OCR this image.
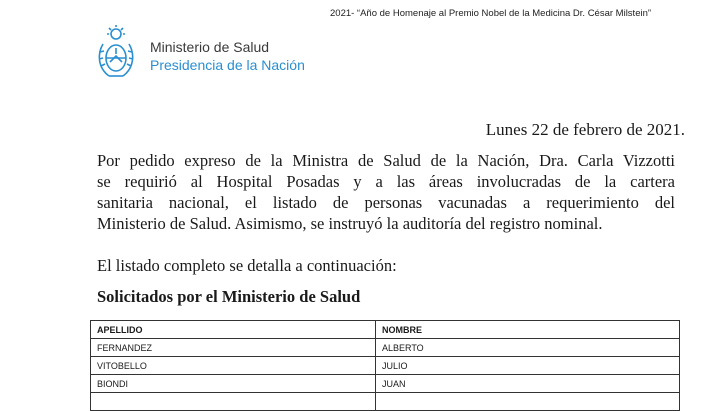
2021- “Año de Homenaje al Premio Nobel de la Medicina Dr. César Milstein”
Ministerio de Salud
Presidencia de la Nación
Lunes 22 de febrero de 2021.
Por pedido expreso de la Ministra de Salud de la Nación, Dra. Carla Vizzotti
se requirió al Hospital Posadas y a las áreas involucradas de la cartera
sanitaria nacional, el listado de personas vacunadas a requerimiento del
Ministerio de Salud. Asimismo, se instruyó la auditoría del registro nominal.
El listado completo se detalla a continuación:
Solicitados por el Ministerio de Salud
APELLIDO	NOMBRE
FERNANDEZ	ALBERTO
VITOBELLO	JULIO
BIONDI	JUAN
